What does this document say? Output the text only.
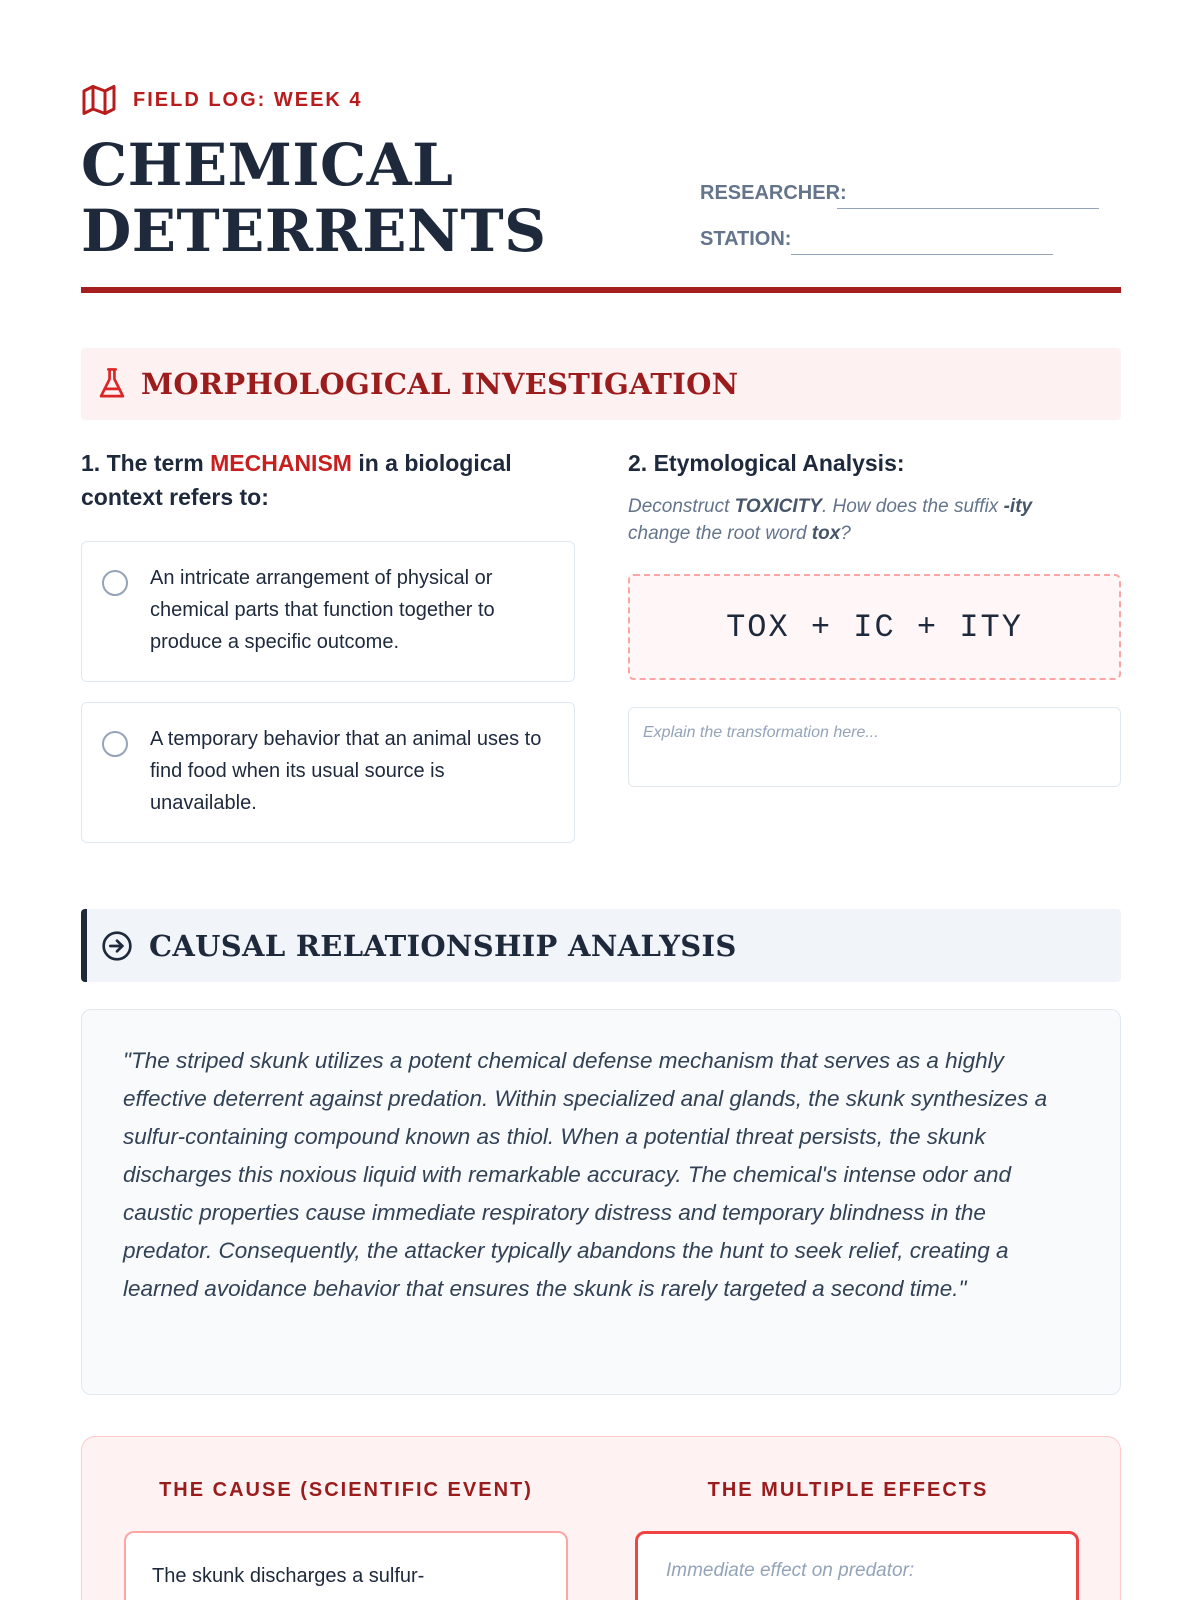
FIELD LOG: WEEK 4
CHEMICAL
DETERRENTS
RESEARCHER:
STATION:
MORPHOLOGICAL INVESTIGATION
1. The term MECHANISM in a biological context refers to:
An intricate arrangement of physical or chemical parts that function together to produce a specific outcome.
A temporary behavior that an animal uses to find food when its usual source is unavailable.
2. Etymological Analysis:
Deconstruct TOXICITY. How does the suffix -ity change the root word tox?
TOX + IC + ITY
Explain the transformation here...
CAUSAL RELATIONSHIP ANALYSIS

"The striped skunk utilizes a potent chemical defense mechanism that serves as a highly effective deterrent against predation. Within specialized anal glands, the skunk synthesizes a sulfur-containing compound known as thiol. When a potential threat persists, the skunk discharges this noxious liquid with remarkable accuracy. The chemical's intense odor and caustic properties cause immediate respiratory distress and temporary blindness in the predator. Consequently, the attacker typically abandons the hunt to seek relief, creating a learned avoidance behavior that ensures the skunk is rarely targeted a second time."

THE CAUSE (SCIENTIFIC EVENT)	THE MULTIPLE EFFECTS
The skunk discharges a sulfur-	Immediate effect on predator:
